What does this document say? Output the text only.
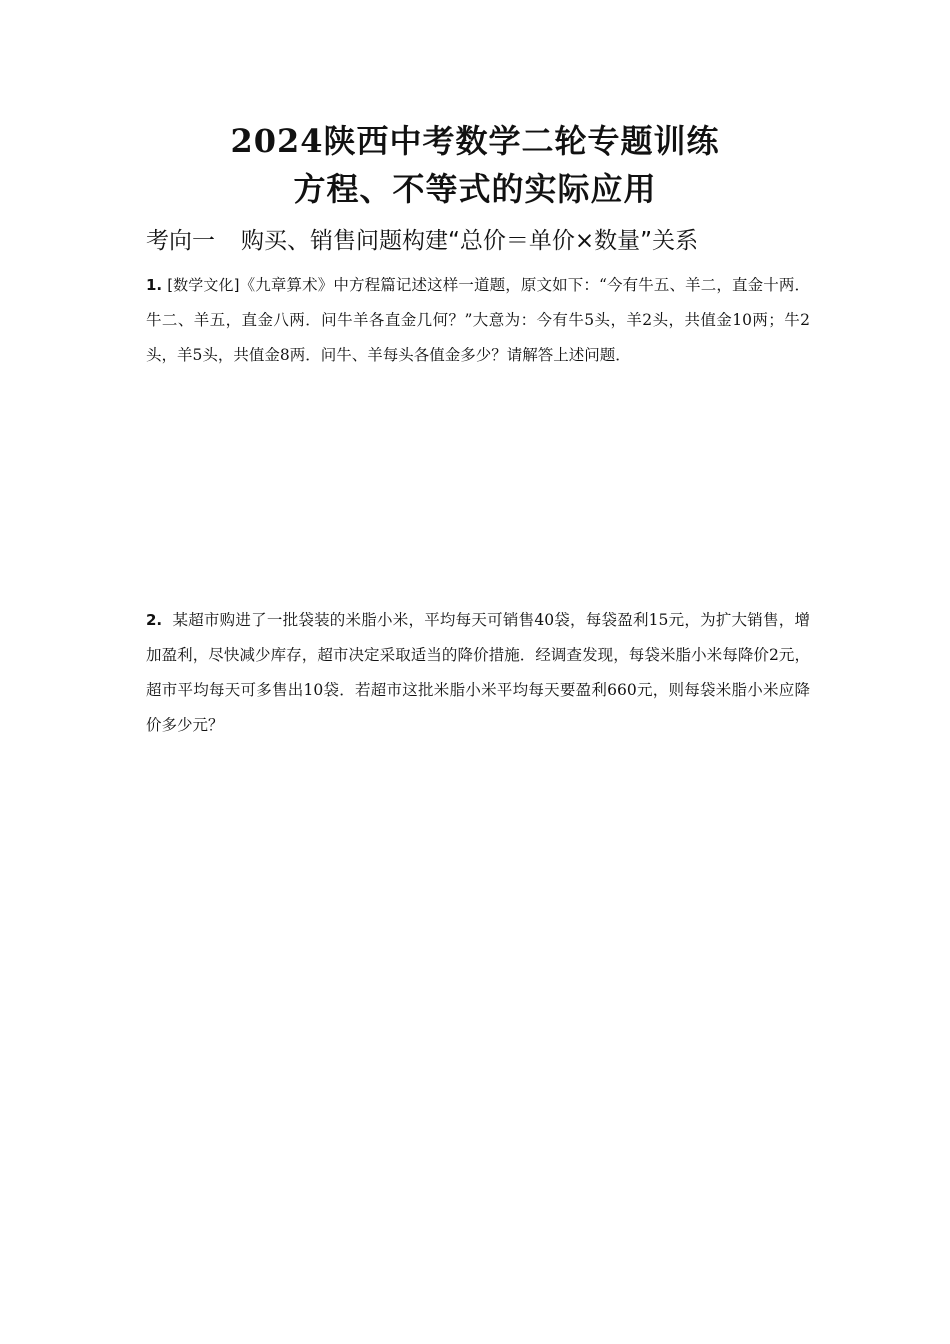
2024陕西中考数学二轮专题训练
方程、不等式的实际应用
考向一 购买、销售问题构建“总价＝单价×数量”关系
1. [数学文化]《九章算术》中方程篇记述这样一道题，原文如下：“今有牛五、羊二，直金十两．牛二、羊五，直金八两．问牛羊各直金几何？”大意为：今有牛5头，羊2头，共值金10两；牛2头，羊5头，共值金8两．问牛、羊每头各值金多少？请解答上述问题．
2. 某超市购进了一批袋装的米脂小米，平均每天可销售40袋，每袋盈利15元，为扩大销售，增加盈利，尽快减少库存，超市决定采取适当的降价措施．经调查发现，每袋米脂小米每降价2元，超市平均每天可多售出10袋．若超市这批米脂小米平均每天要盈利660元，则每袋米脂小米应降价多少元？
